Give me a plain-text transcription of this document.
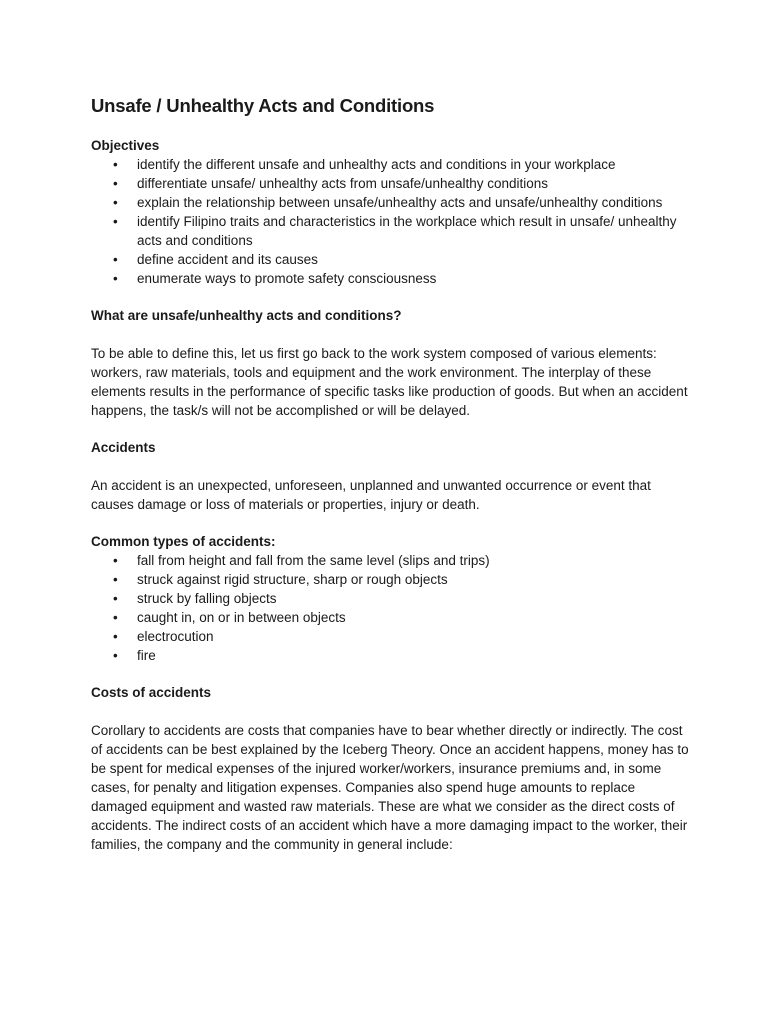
Unsafe / Unhealthy Acts and Conditions
Objectives
• identify the different unsafe and unhealthy acts and conditions in your workplace
• differentiate unsafe/ unhealthy acts from unsafe/unhealthy conditions
• explain the relationship between unsafe/unhealthy acts and unsafe/unhealthy conditions
• identify Filipino traits and characteristics in the workplace which result in unsafe/ unhealthy acts and conditions
• define accident and its causes
• enumerate ways to promote safety consciousness
What are unsafe/unhealthy acts and conditions?

To be able to define this, let us first go back to the work system composed of various elements: workers, raw materials, tools and equipment and the work environment. The interplay of these elements results in the performance of specific tasks like production of goods. But when an accident happens, the task/s will not be accomplished or will be delayed.

Accidents

An accident is an unexpected, unforeseen, unplanned and unwanted occurrence or event that causes damage or loss of materials or properties, injury or death.

Common types of accidents:
• fall from height and fall from the same level (slips and trips)
• struck against rigid structure, sharp or rough objects
• struck by falling objects
• caught in, on or in between objects
• electrocution
• fire
Costs of accidents

Corollary to accidents are costs that companies have to bear whether directly or indirectly. The cost of accidents can be best explained by the Iceberg Theory. Once an accident happens, money has to be spent for medical expenses of the injured worker/workers, insurance premiums and, in some cases, for penalty and litigation expenses. Companies also spend huge amounts to replace damaged equipment and wasted raw materials. These are what we consider as the direct costs of accidents. The indirect costs of an accident which have a more damaging impact to the worker, their families, the company and the community in general include:
